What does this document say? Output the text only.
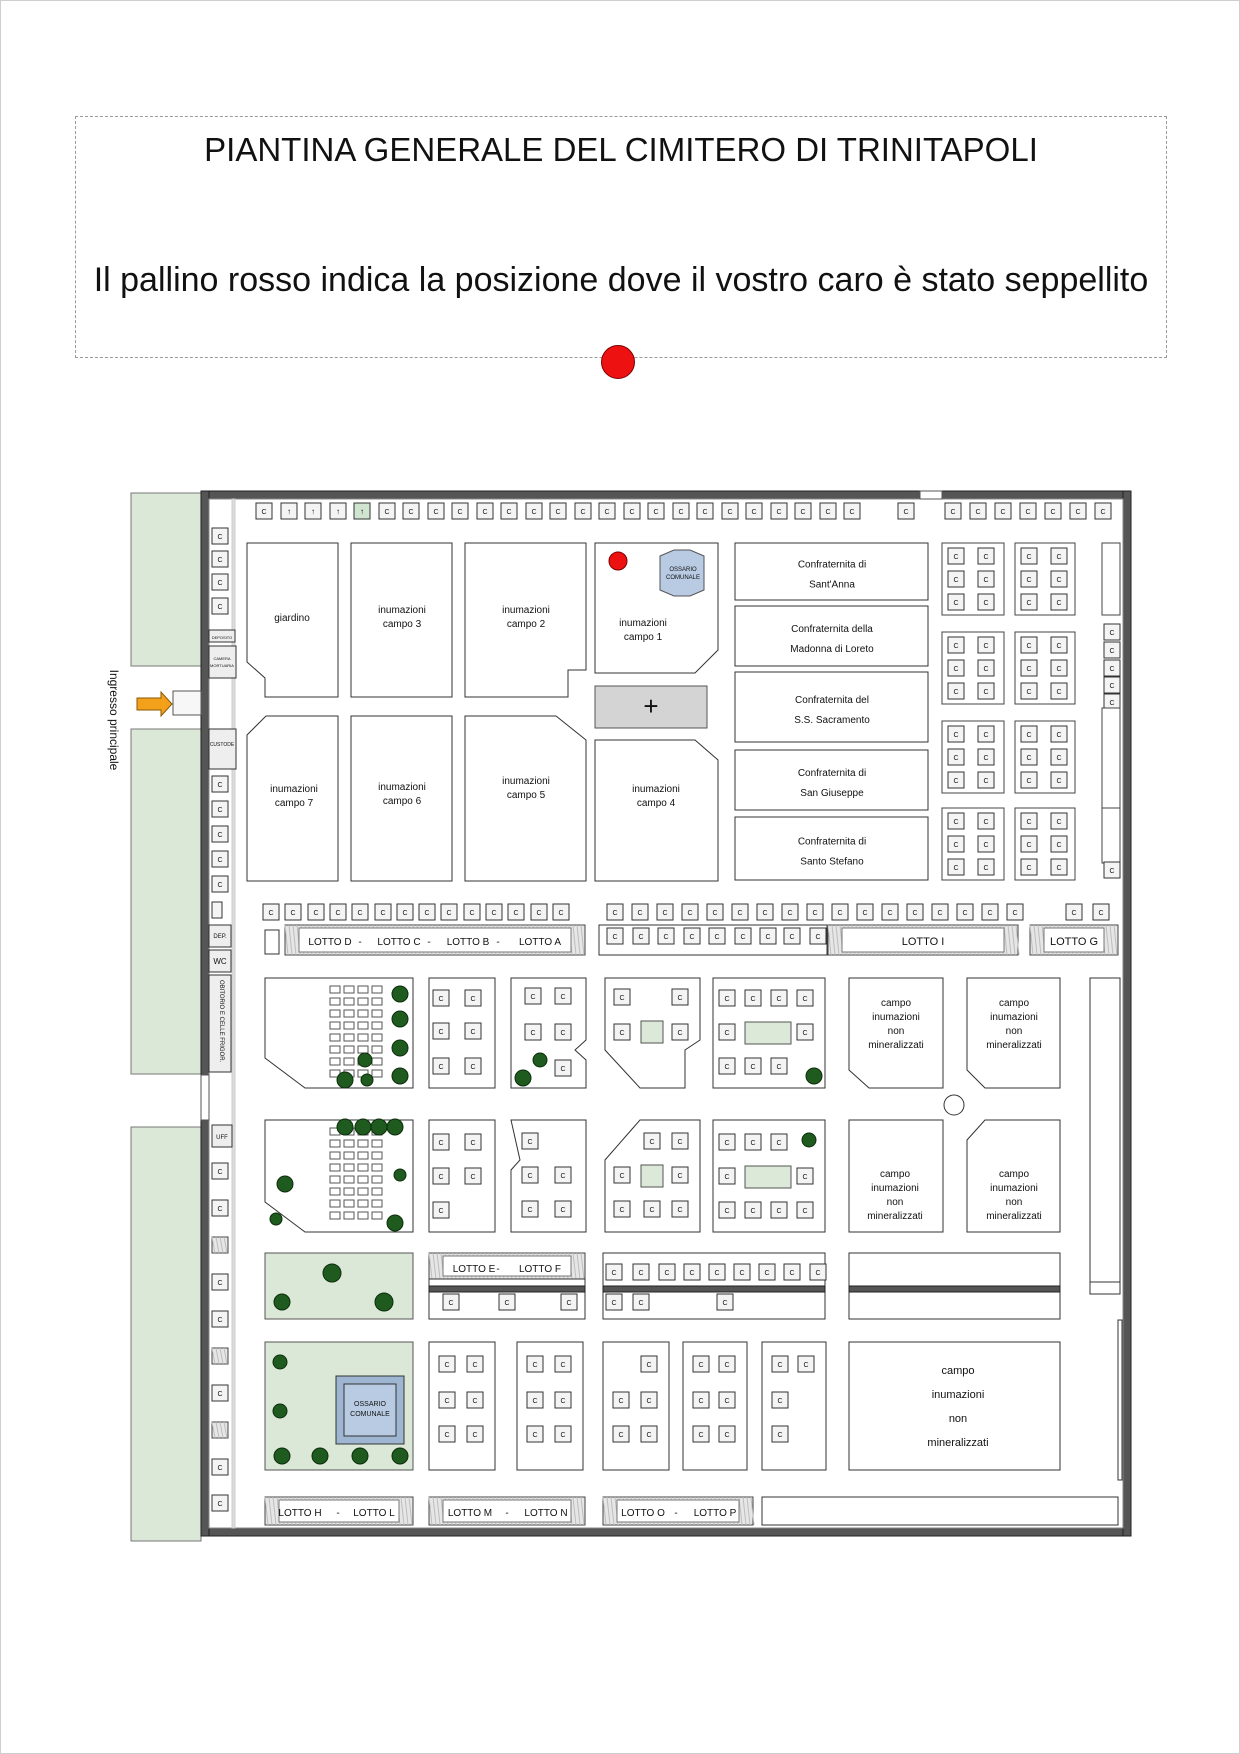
PIANTINA GENERALE DEL CIMITERO DI TRINITAPOLI
Il pallino rosso indica la posizione dove il vostro caro è stato seppellito
Ingresso principale
C	↑	↑	↑	↑	C	C	C	C	C	C	C	C	C	C	C	C	C	C	C	C	C	C	C	C	C	C	C	C	C	C	C	C
C
C
C
C
DEPOSITO
CAMERA
MORTUARIA
CUSTODE
C
C
C
C
C
DEP.
WC
OBITORIO E CELLE FRIGOR.
UFF
C
C
C
C
C
C
C
giardino
inumazioni
campo 3
inumazioni
campo 2	inumazioni
campo 1
OSSARIO
COMUNALE
+
inumazioni
campo 7
inumazioni
campo 6
inumazioni
campo 5
inumazioni
campo 4
Confraternita di
Sant'Anna
Confraternita della
Madonna di Loreto
Confraternita del
S.S. Sacramento
Confraternita di
San Giuseppe
Confraternita di
Santo Stefano
C	C
C	C
C	C
C	C
C	C
C	C
C	C
C	C
C	C
C	C
C	C
C	C
C	C
C	C
C	C
C	C
C	C
C	C
C	C
C	C
C	C
C	C
C	C
C	C
C
C
C
C
C
C
C C	C C C	C C C C	C C C	C C	C	C	C	C	C	C	C	C	C	C	C	C	C	C	C	C	C	C	C
LOTTO D - LOTTO C - LOTTO B - LOTTO A	C	C	C	C	C	C	C	C	C	LOTTO I	LOTTO G
C	C
C	C
C	C
C	C
C	C
C
C	C
C	C
C	C	C	C
C	C
C	C	C
C	C
C	C
C
C
C	C
C	C
C	C
C	C
C	C	C
C	C	C
C	C
C	C	C	C
campo
inumazioni
non
mineralizzati
campo
inumazioni
non
mineralizzati
campo
inumazioni
non
mineralizzati
campo
inumazioni
non
mineralizzati
LOTTO E - LOTTO F
C	C	C
C	C	C	C	C	C	C	C	C
C	C	C
OSSARIO
COMUNALE
C	C
C	C
C	C
C	C
C	C
C	C
C
C	C
C	C
C	C
C	C
C	C
C	C
C
C
campo
inumazioni
non
mineralizzati
LOTTO H - LOTTO L	LOTTO M - LOTTO N	LOTTO O - LOTTO P
